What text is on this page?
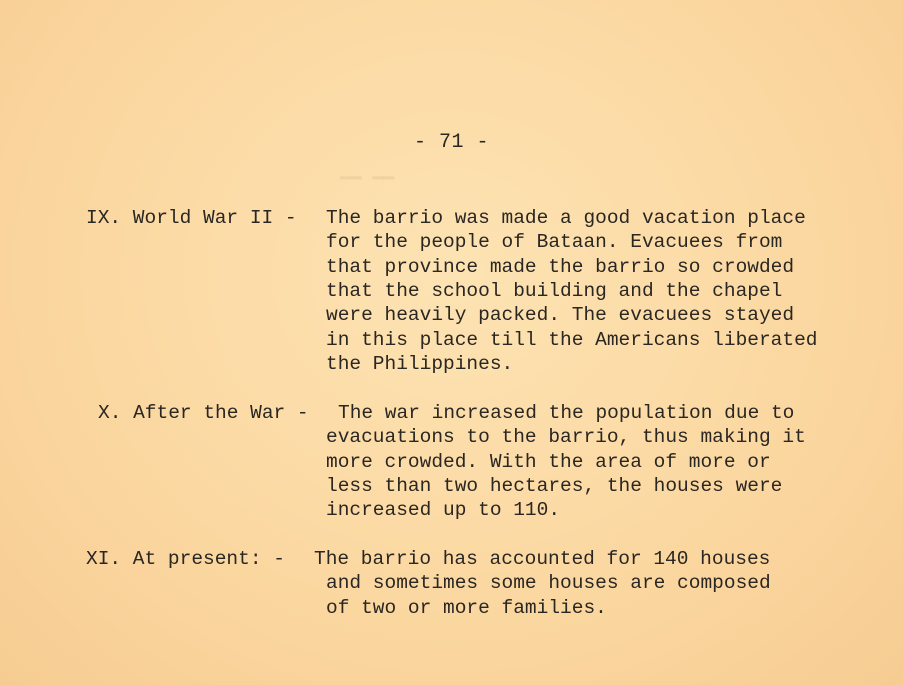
━━ ━━
- 71 -

IX. World War II -

The barrio was made a good vacation place

for the people of Bataan. Evacuees from

that province made the barrio so crowded

that the school building and the chapel

were heavily packed. The evacuees stayed

in this place till the Americans liberated

the Philippines.

X. After the War -

The war increased the population due to

evacuations to the barrio, thus making it

more crowded. With the area of more or

less than two hectares, the houses were

increased up to 110.

XI. At present: -

The barrio has accounted for 140 houses

and sometimes some houses are composed

of two or more families.
